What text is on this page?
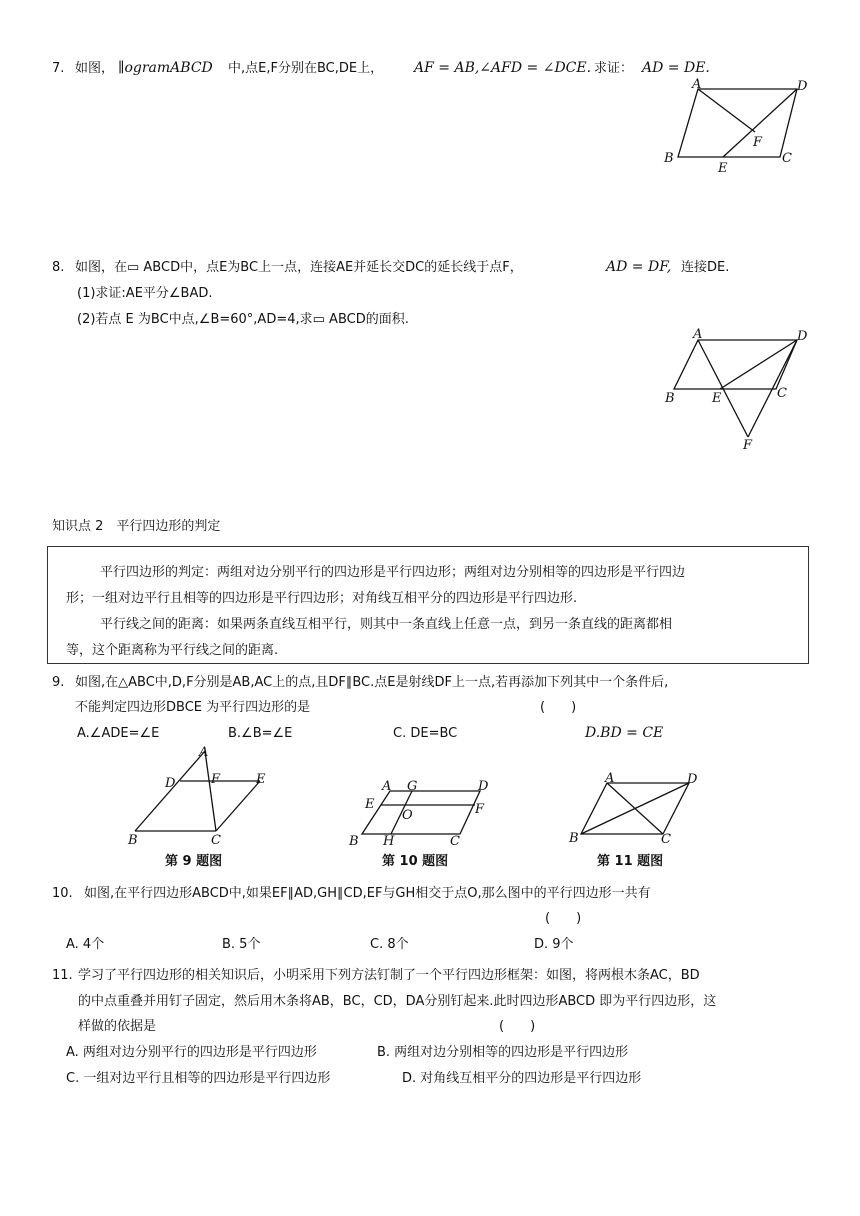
7. 如图， ∥ogramABCD 中,点E,F分别在BC,DE上， AF = AB,∠AFD = ∠DCE. 求证： AD = DE.
A	D
B	C
E
F
8. 如图，在▭ ABCD中，点E为BC上一点，连接AE并延长交DC的延长线于点F，	AD = DF, 连接DE.
(1)求证:AE平分∠BAD.
(2)若点 E 为BC中点,∠B=60°,AD=4,求▭ ABCD的面积.
A	D
B	C
E
F
知识点 2　平行四边形的判定

平行四边形的判定：两组对边分别平行的四边形是平行四边形；两组对边分别相等的四边形是平行四边

形；一组对边平行且相等的四边形是平行四边形；对角线互相平分的四边形是平行四边形.

平行线之间的距离：如果两条直线互相平行，则其中一条直线上任意一点，到另一条直线的距离都相

等，这个距离称为平行线之间的距离.

9. 如图,在△ABC中,D,F分别是AB,AC上的点,且DF∥BC.点E是射线DF上一点,若再添加下列其中一个条件后,
不能判定四边形DBCE 为平行四边形的是	(　　)
A.∠ADE=∠E	B.∠B=∠E	C. DE=BC	D.BD = CE
A
D	F	E
B	C
第 9 题图
A G	D
E	F
O
B H	C
第 10 题图
A	D
B	C
第 11 题图
10. 如图,在平行四边形ABCD中,如果EF∥AD,GH∥CD,EF与GH相交于点O,那么图中的平行四边形一共有
(　　)
A. 4个	B. 5个	C. 8个	D. 9个
11. 学习了平行四边形的相关知识后，小明采用下列方法钉制了一个平行四边形框架：如图，将两根木条AC，BD
的中点重叠并用钉子固定，然后用木条将AB，BC，CD，DA分别钉起来.此时四边形ABCD 即为平行四边形，这
样做的依据是	(　　)
A. 两组对边分别平行的四边形是平行四边形	B. 两组对边分别相等的四边形是平行四边形
C. 一组对边平行且相等的四边形是平行四边形	D. 对角线互相平分的四边形是平行四边形
